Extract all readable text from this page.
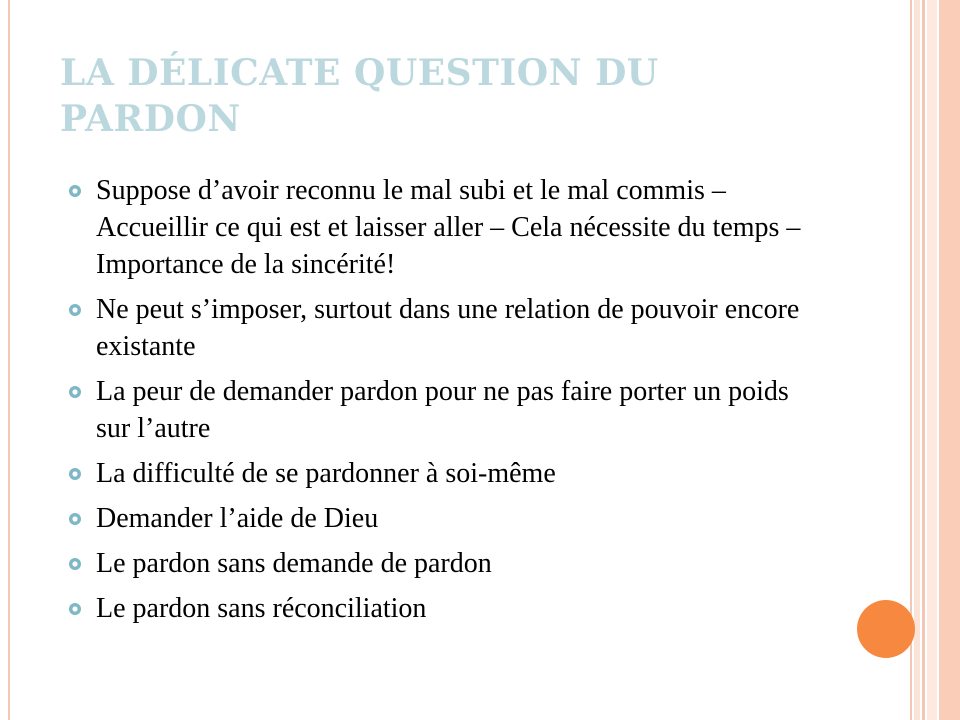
LA DÉLICATE QUESTION DU PARDON
Suppose d’avoir reconnu le mal subi et le mal commis – Accueillir ce qui est et laisser aller – Cela nécessite du temps – Importance de la sincérité!
Ne peut s’imposer, surtout dans une relation de pouvoir encore existante
La peur de demander pardon pour ne pas faire porter un poids sur l’autre
La difficulté de se pardonner à soi-même
Demander l’aide de Dieu
Le pardon sans demande de pardon
Le pardon sans réconciliation
